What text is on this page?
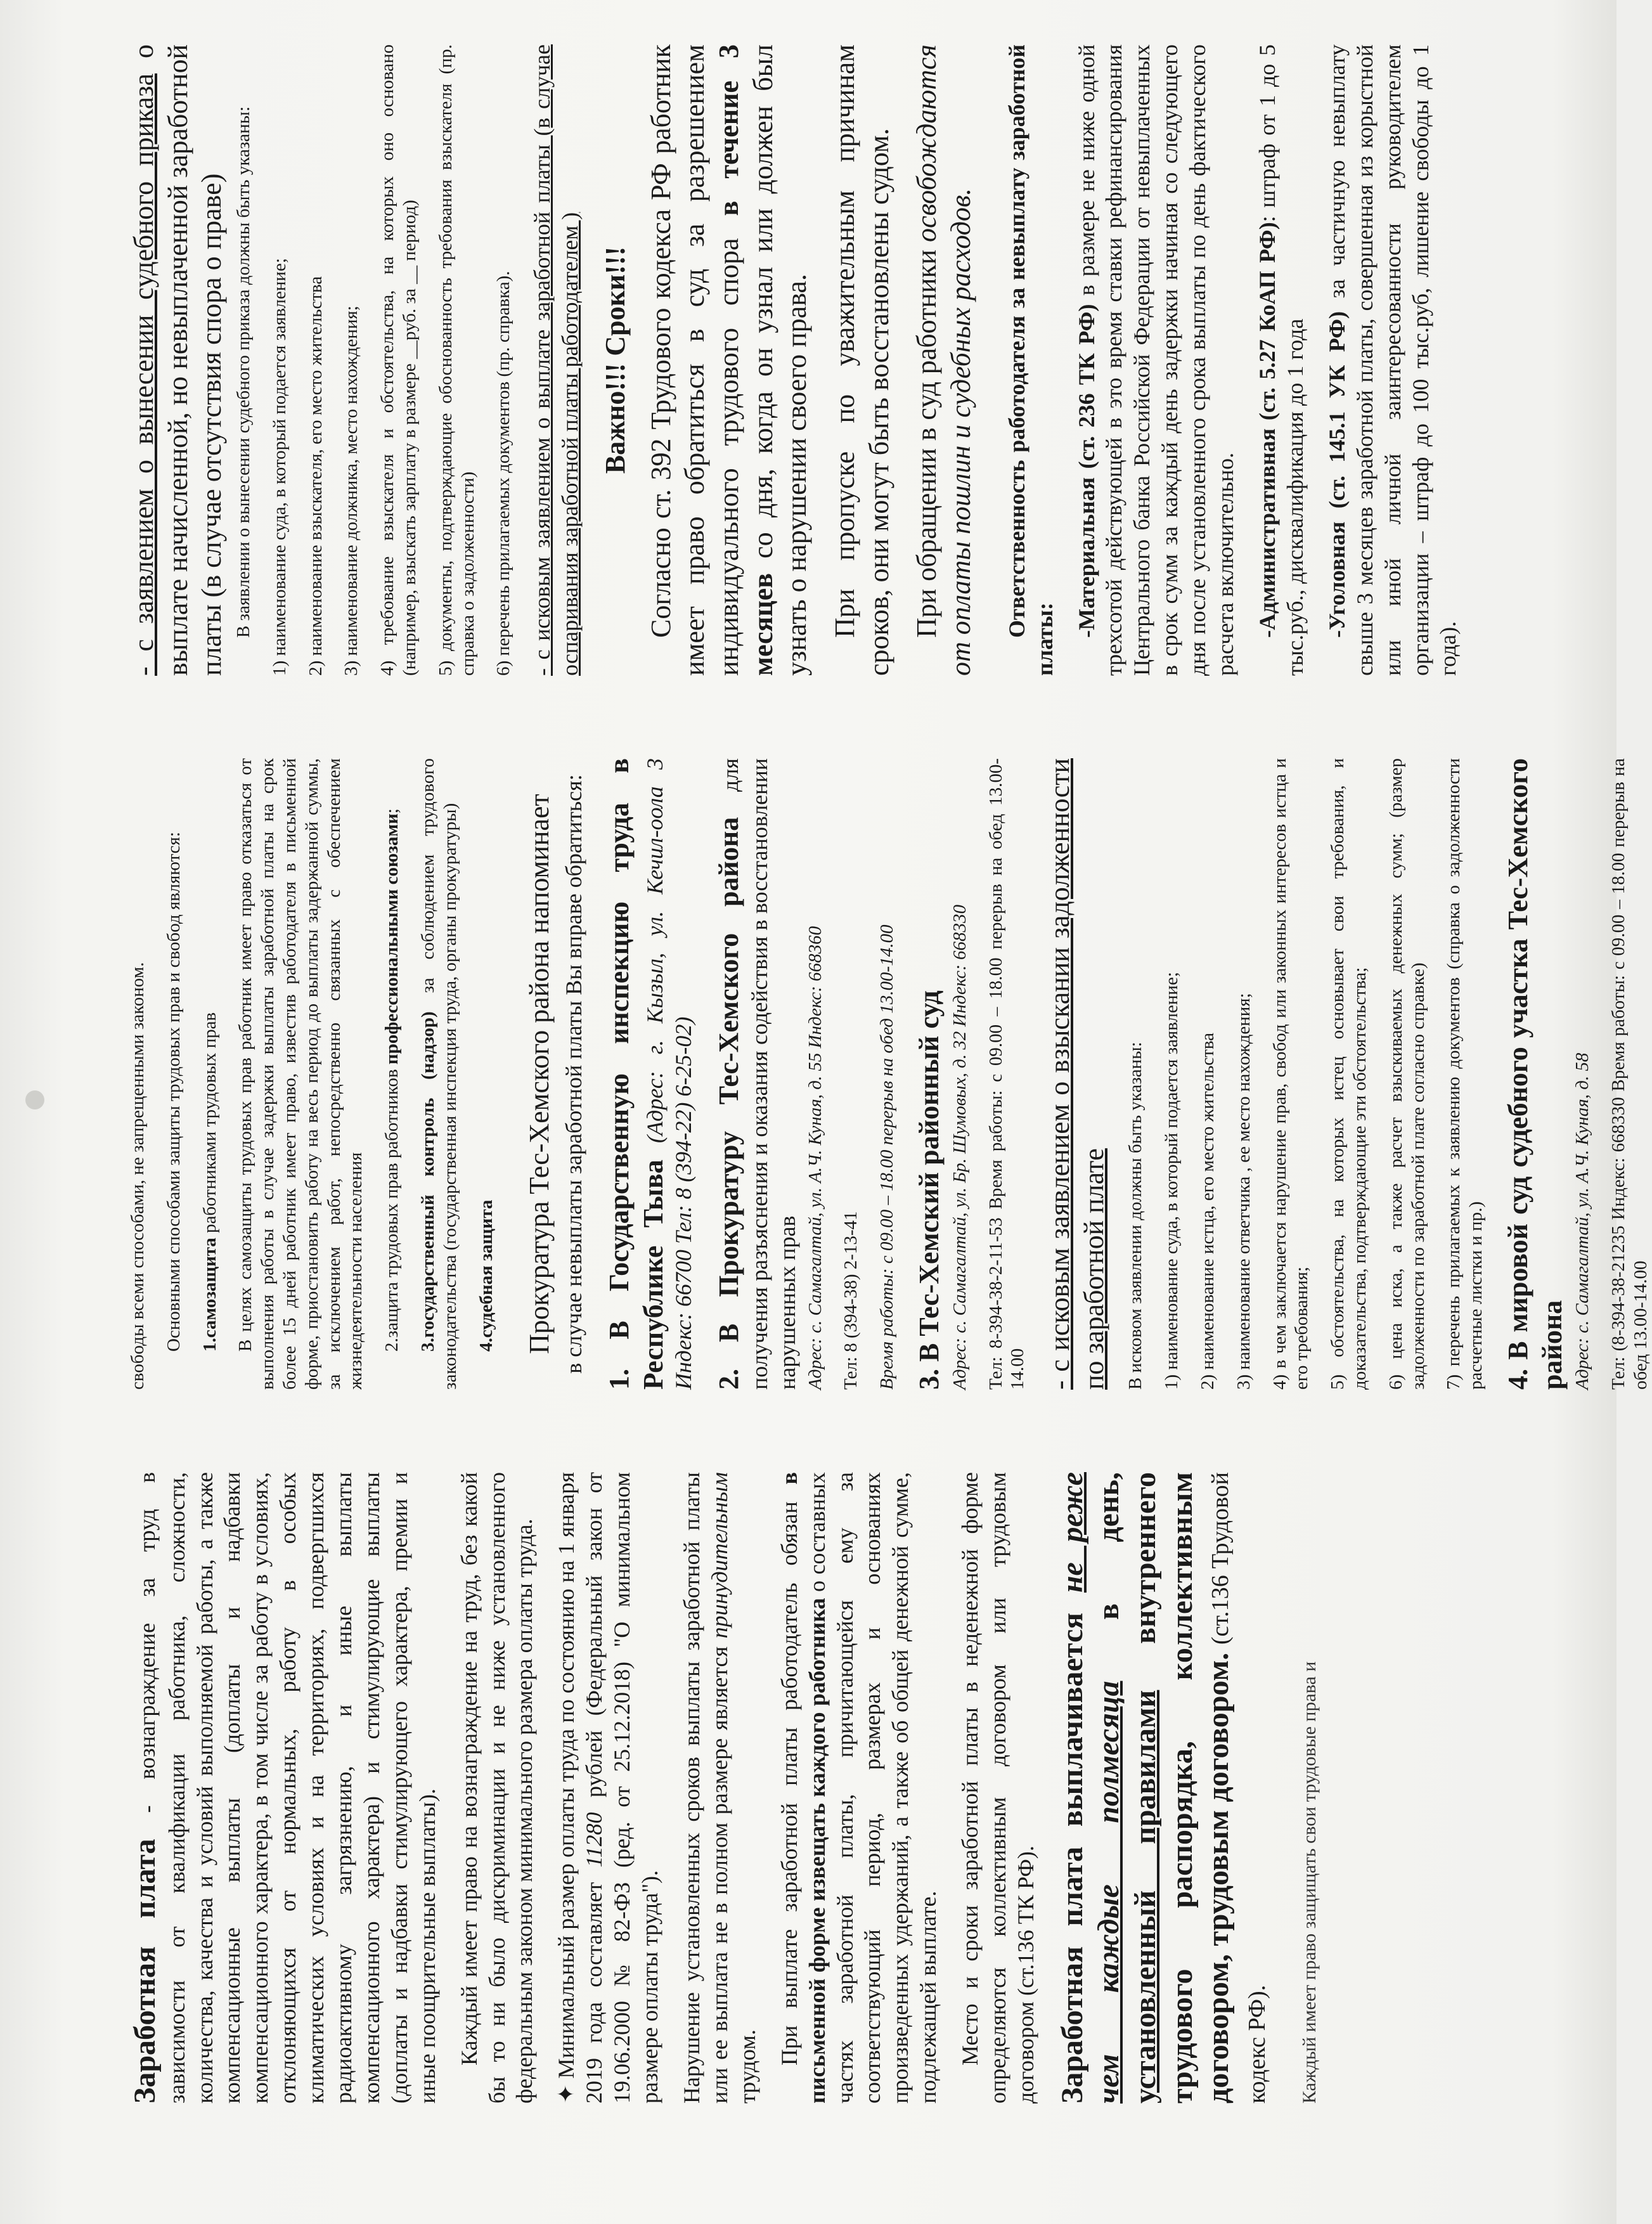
Заработная плата - вознаграждение за труд в зависимости от квалификации работника, сложности, количества, качества и условий выполняемой работы, а также компенсационные выплаты (доплаты и надбавки компенсационного характера, в том числе за работу в условиях, отклоняющихся от нормальных, работу в особых климатических условиях и на территориях, подвергшихся радиоактивному загрязнению, и иные выплаты компенсационного характера) и стимулирующие выплаты (доплаты и надбавки стимулирующего характера, премии и иные поощрительные выплаты). Каждый имеет право на вознаграждение на труд, без какой бы то ни было дискриминации и не ниже установленного федеральным законом минимального размера оплаты труда. ✦ Минимальный размер оплаты труда по состоянию на 1 января 2019 года составляет 11280 рублей (Федеральный закон от 19.06.2000 № 82-ФЗ (ред. от 25.12.2018) "О минимальном размере оплаты труда"). Нарушение установленных сроков выплаты заработной платы или ее выплата не в полном размере является принудительным трудом.

При выплате заработной платы работодатель обязан в письменной форме извещать каждого работника о составных частях заработной платы, причитающейся ему за соответствующий период, размерах и основаниях произведенных удержаний, а также об общей денежной сумме, подлежащей выплате. Место и сроки заработной платы в неденежной форме определяются коллективным договором или трудовым договором (ст.136 ТК РФ). Заработная плата выплачивается не реже чем каждые полмесяца в день, установленный правилами внутреннего трудового распорядка, коллективным договором, трудовым договором. (ст.136 Трудовой кодекс РФ). Каждый имеет право защищать свои трудовые права и

свободы всеми способами, не запрещенными законом. Основными способами защиты трудовых прав и свобод являются: 1.самозащита работниками трудовых прав В целях самозащиты трудовых прав работник имеет право отказаться от выполнения работы в случае задержки выплаты заработной платы на срок более 15 дней работник имеет право, известив работодателя в письменной форме, приостановить работу на весь период до выплаты задержанной суммы, за исключением работ, непосредственно связанных с обеспечением жизнедеятельности населения 2.защита трудовых прав работников профессиональными союзами;

3.государственный контроль (надзор) за соблюдением трудового законодательства (государственная инспекция труда, органы прокуратуры) 4.судебная защита Прокуратура Тес-Хемского района напоминает в случае невыплаты заработной платы Вы вправе обратиться: 1. В Государственную инспекцию труда в Республике Тыва (Адрес: г. Кызыл, ул. Кечил-оола 3 Индекс: 66700 Тел: 8 (394-22) 6-25-02) 2. В Прокуратуру Тес-Хемского района для получения разъяснения и оказания содействия в восстановлении нарушенных прав Адрес: с. Самагалтай, ул. А.Ч. Куная, д. 55 Индекс: 668360 Тел: 8 (394-38) 2-13-41 Время работы: с 09.00 – 18.00 перерыв на обед 13.00-14.00 3. В Тес-Хемский районный суд Адрес: с. Самагалтай, ул. Бр. Шумовых, д. 32 Индекс: 668330 Тел: 8-394-38-2-11-53 Время работы: с 09.00 – 18.00 перерыв на обед 13.00-14.00 - с исковым заявлением о взыскании задолженности по заработной плате В исковом заявлении должны быть указаны: 1) наименование суда, в который подается заявление; 2) наименование истца, его место жительства 3) наименование ответчика , ее место нахождения; 4) в чем заключается нарушение прав, свобод или законных интересов истца и его требования; 5) обстоятельства, на которых истец основывает свои требования, и доказательства, подтверждающие эти обстоятельства; 6) цена иска, а также расчет взыскиваемых денежных сумм; (размер задолженности по заработной плате согласно справке) 7) перечень прилагаемых к заявлению документов (справка о задолженности расчетные листки и пр.) 4. В мировой суд судебного участка Тес-Хемского района Адрес: с. Самагалтай, ул. А.Ч. Куная, д. 58 Тел: (8-394-38-21235 Индекс: 668330 Время работы: с 09.00 – 18.00 перерыв на обед 13.00-14.00

- с заявлением о вынесении судебного приказа о выплате начисленной, но невыплаченной заработной платы (в случае отсутствия спора о праве) В заявлении о вынесении судебного приказа должны быть указаны: 1) наименование суда, в который подается заявление; 2) наименование взыскателя, его место жительства 3) наименование должника, место нахождения; 4) требование взыскателя и обстоятельства, на которых оно основано (например, взыскать зарплату в размере __руб. за __ период) 5) документы, подтверждающие обоснованность требования взыскателя (пр. справка о задолженности) 6) перечень прилагаемых документов (пр. справка). - с исковым заявлением о выплате заработной платы (в случае оспаривания заработной платы работодателем ) Важно!!! Сроки!!! Согласно ст. 392 Трудового кодекса РФ работник имеет право обратиться в суд за разрешением индивидуального трудового спора в течение 3 месяцев со дня, когда он узнал или должен был узнать о нарушении своего права. При пропуске по уважительным причинам сроков, они могут быть восстановлены судом. При обращении в суд работники освобождаются от оплаты пошлин и судебных расходов. Ответственность работодателя за невыплату заработной платы:

-Материальная (ст. 236 ТК РФ) в размере не ниже одной трехсотой действующей в это время ставки рефинансирования Центрального банка Российской Федерации от невыплаченных в срок сумм за каждый день задержки начиная со следующего дня после установленного срока выплаты по день фактического расчета включительно. -Административная (ст. 5.27 КоАП РФ): штраф от 1 до 5 тыс.руб., дисквалификация до 1 года -Уголовная (ст. 145.1 УК РФ) за частичную невыплату свыше 3 месяцев заработной платы, совершенная из корыстной или иной личной заинтересованности руководителем организации – штраф до 100 тыс.руб, лишение свободы до 1 года).
